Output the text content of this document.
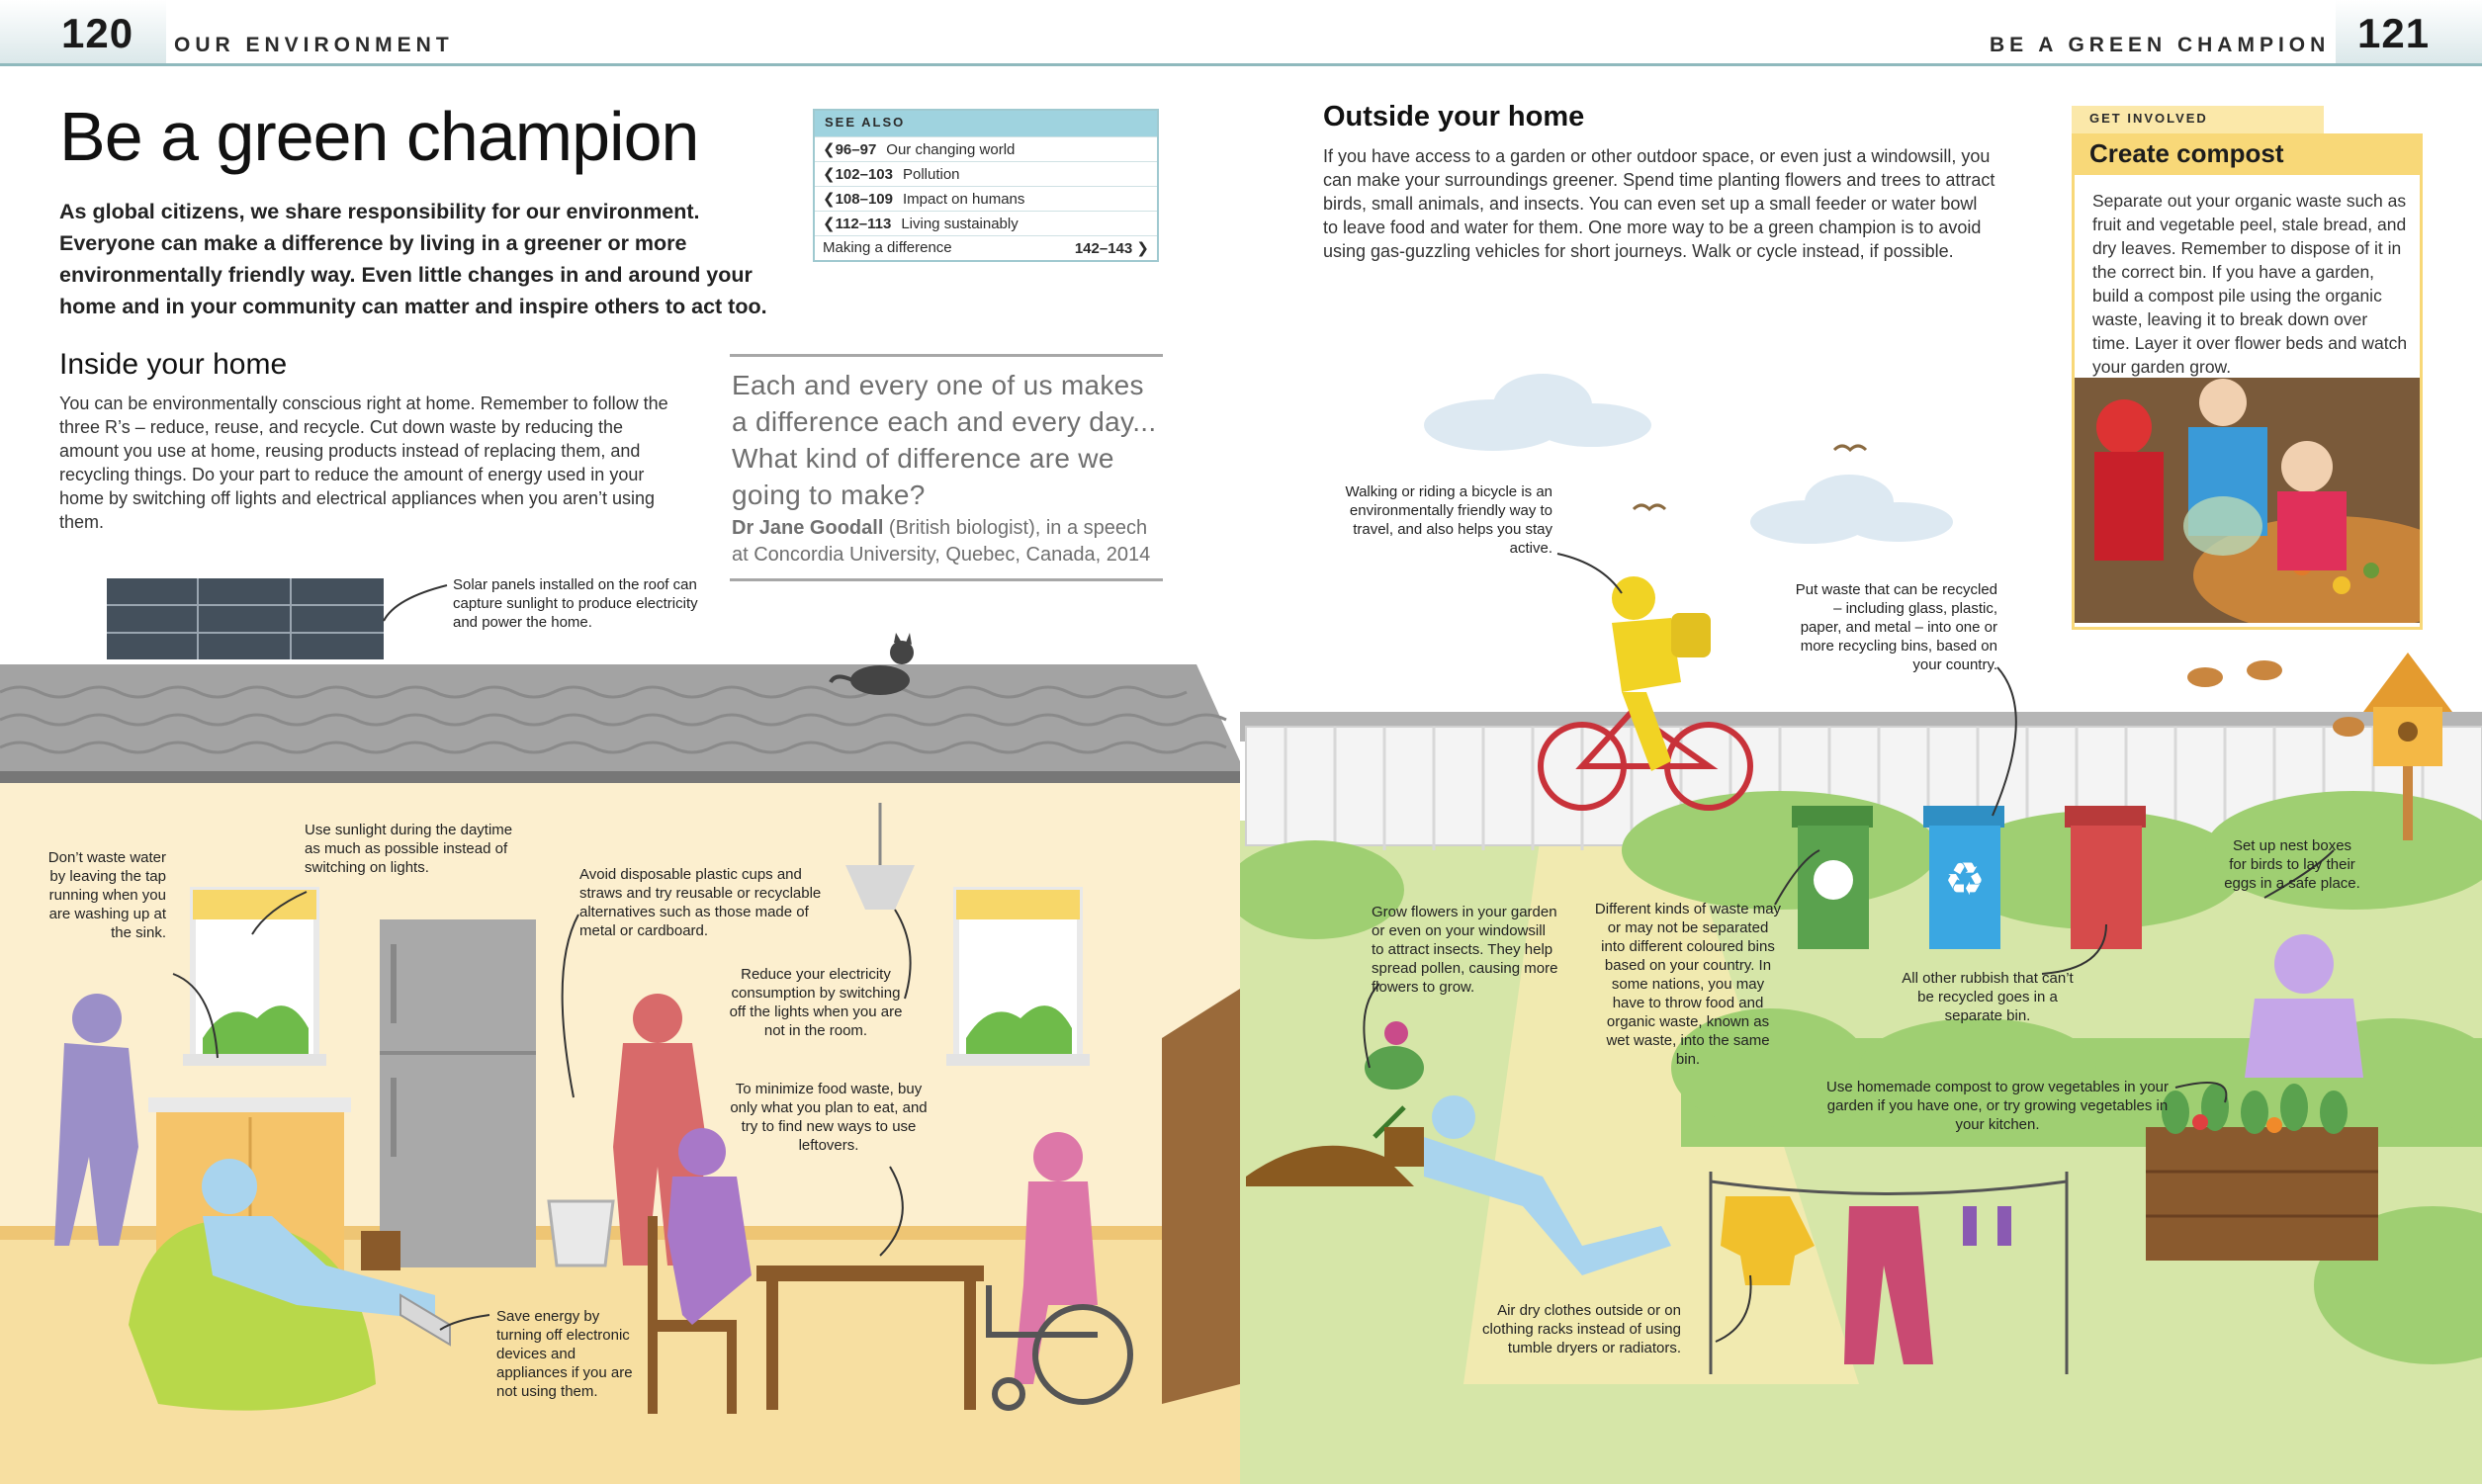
120 OUR ENVIRONMENT	BE A GREEN CHAMPION 121
Be a green champion
As global citizens, we share responsibility for our environment. Everyone can make a difference by living in a greener or more environmentally friendly way. Even little changes in and around your home and in your community can matter and inspire others to act too.
SEE ALSO
❮96–97 Our changing world
❮102–103 Pollution
❮108–109 Impact on humans
❮112–113 Living sustainably
Making a difference	142–143 ❯
Inside your home
You can be environmentally conscious right at home. Remember to follow the three R’s – reduce, reuse, and recycle. Cut down waste by reducing the amount you use at home, reusing products instead of replacing them, and recycling things. Do your part to reduce the amount of energy used in your home by switching off lights and electrical appliances when you aren’t using them.
Each and every one of us makes a difference each and every day... What kind of difference are we going to make?
Dr Jane Goodall (British biologist), in a speech at Concordia University, Quebec, Canada, 2014
Outside your home
If you have access to a garden or other outdoor space, or even just a windowsill, you can make your surroundings greener. Spend time planting flowers and trees to attract birds, small animals, and insects. You can even set up a small feeder or water bowl to leave food and water for them. One more way to be a green champion is to avoid using gas-guzzling vehicles for short journeys. Walk or cycle instead, if possible.
♻
GET INVOLVED
Create compost
Separate out your organic waste such as fruit and vegetable peel, stale bread, and dry leaves. Remember to dispose of it in the correct bin. If you have a garden, build a compost pile using the organic waste, leaving it to break down over time. Layer it over flower beds and watch your garden grow.
Solar panels installed on the roof can capture sunlight to produce electricity and power the home.
Don’t waste water by leaving the tap running when you are washing up at the sink.
Use sunlight during the daytime as much as possible instead of switching on lights.	Avoid disposable plastic cups and straws and try reusable or recyclable alternatives such as those made of metal or cardboard.
Reduce your electricity consumption by switching off the lights when you are not in the room.
To minimize food waste, buy only what you plan to eat, and try to find new ways to use leftovers.
Save energy by turning off electronic devices and appliances if you are not using them.
Walking or riding a bicycle is an environmentally friendly way to travel, and also helps you stay active.
Put waste that can be recycled – including glass, plastic, paper, and metal – into one or more recycling bins, based on your country.
Grow flowers in your garden or even on your windowsill to attract insects. They help spread pollen, causing more flowers to grow.
Different kinds of waste may or may not be separated into different coloured bins based on your country. In some nations, you may have to throw food and organic waste, known as wet waste, into the same bin.
All other rubbish that can’t be recycled goes in a separate bin.
Set up nest boxes for birds to lay their eggs in a safe place.
Use homemade compost to grow vegetables in your garden if you have one, or try growing vegetables in your kitchen.
Air dry clothes outside or on clothing racks instead of using tumble dryers or radiators.
